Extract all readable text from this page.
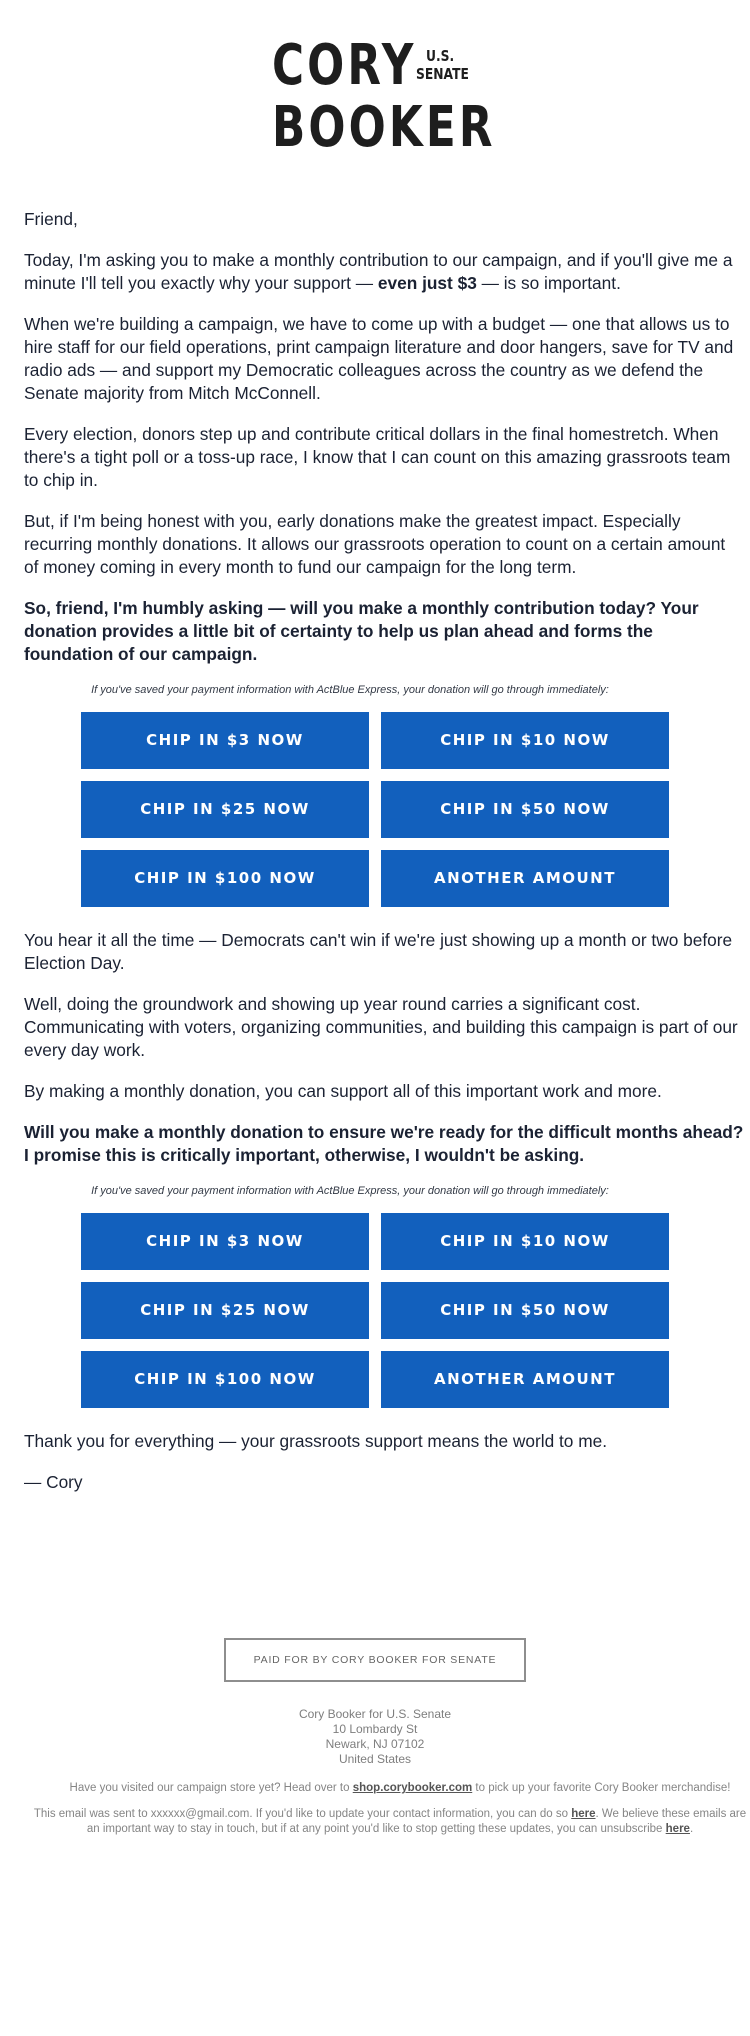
CORY U.S.
SENATE
BOOKER

Friend,

Today, I'm asking you to make a monthly contribution to our campaign, and if you'll give me a minute I'll tell you exactly why your support — even just $3 — is so important.

When we're building a campaign, we have to come up with a budget — one that allows us to hire staff for our field operations, print campaign literature and door hangers, save for TV and radio ads — and support my Democratic colleagues across the country as we defend the Senate majority from Mitch McConnell.

Every election, donors step up and contribute critical dollars in the final homestretch. When there's a tight poll or a toss-up race, I know that I can count on this amazing grassroots team to chip in.

But, if I'm being honest with you, early donations make the greatest impact. Especially recurring monthly donations. It allows our grassroots operation to count on a certain amount of money coming in every month to fund our campaign for the long term.

So, friend, I'm humbly asking — will you make a monthly contribution today? Your donation provides a little bit of certainty to help us plan ahead and forms the foundation of our campaign.

If you've saved your payment information with ActBlue Express, your donation will go through immediately:
CHIP IN $3 NOW	CHIP IN $10 NOWCHIP IN $25 NOW	CHIP IN $50 NOWCHIP IN $100 NOW	ANOTHER AMOUNT

You hear it all the time — Democrats can't win if we're just showing up a month or two before Election Day.

Well, doing the groundwork and showing up year round carries a significant cost. Communicating with voters, organizing communities, and building this campaign is part of our every day work.

By making a monthly donation, you can support all of this important work and more.

Will you make a monthly donation to ensure we're ready for the difficult months ahead? I promise this is critically important, otherwise, I wouldn't be asking.

If you've saved your payment information with ActBlue Express, your donation will go through immediately:
CHIP IN $3 NOW	CHIP IN $10 NOWCHIP IN $25 NOW	CHIP IN $50 NOWCHIP IN $100 NOW	ANOTHER AMOUNT

Thank you for everything — your grassroots support means the world to me.

— Cory

PAID FOR BY CORY BOOKER FOR SENATE
Cory Booker for U.S. Senate
10 Lombardy St
Newark, NJ 07102
United States
Have you visited our campaign store yet? Head over to shop.corybooker.com to pick up your favorite Cory Booker merchandise!
This email was sent to xxxxxx@gmail.com. If you'd like to update your contact information, you can do so here. We believe these emails are an important way to stay in touch, but if at any point you'd like to stop getting these updates, you can unsubscribe here.
